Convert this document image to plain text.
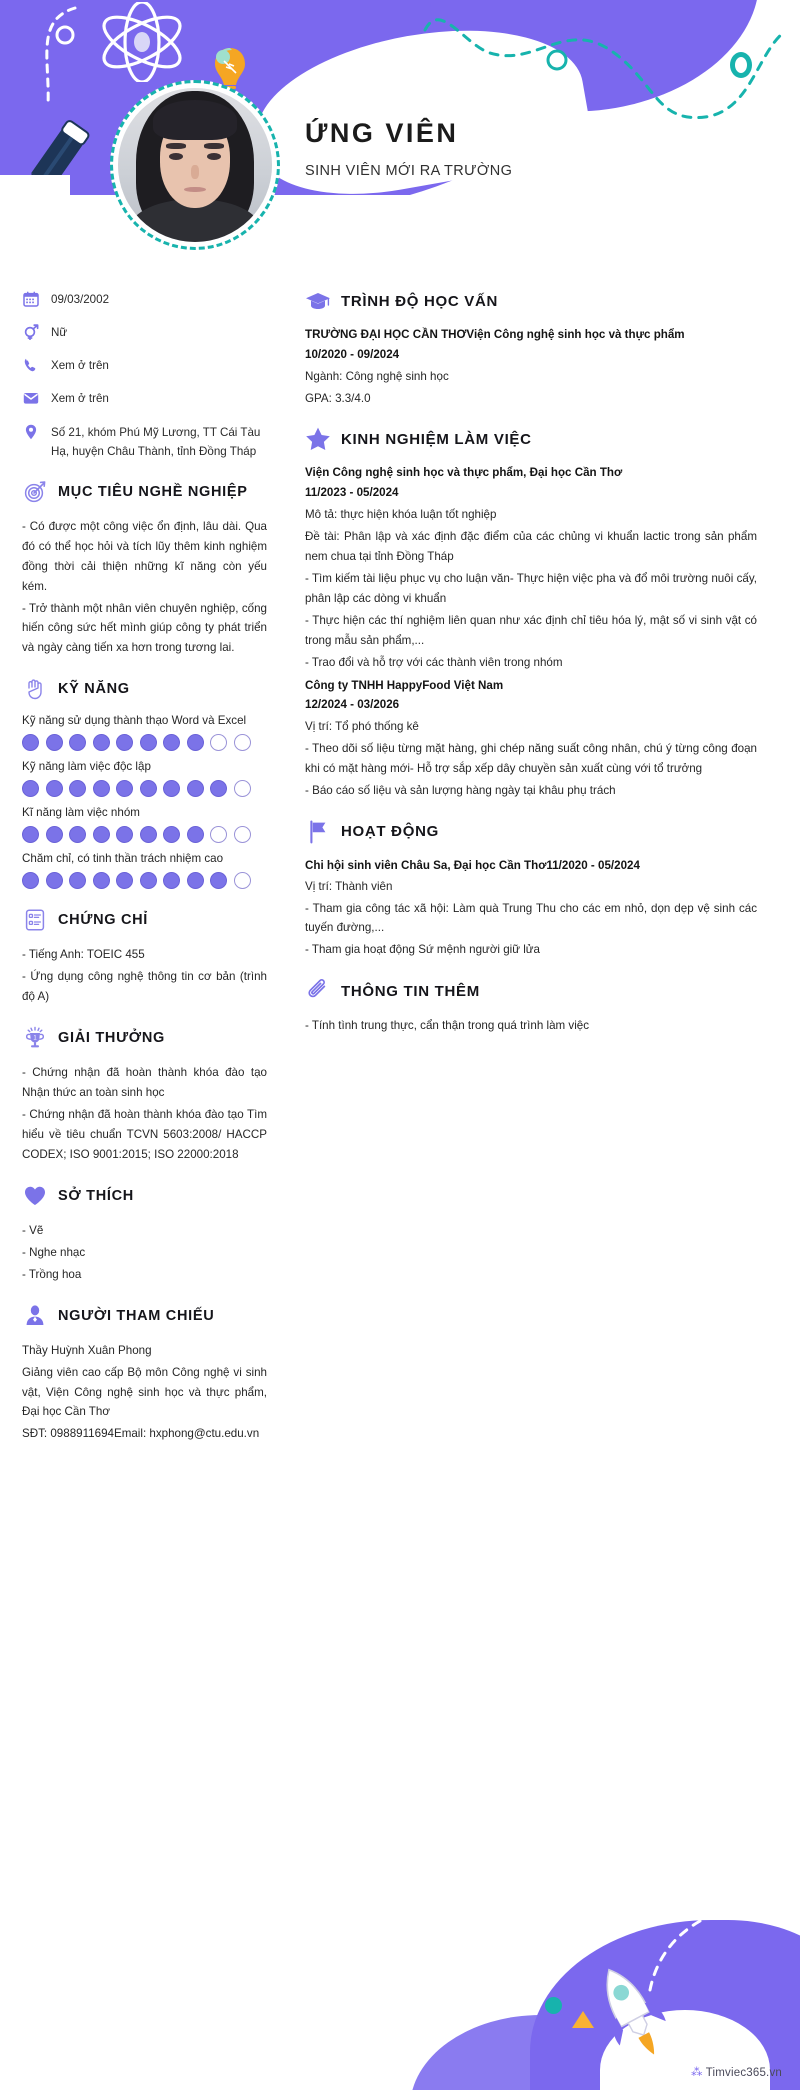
ỨNG VIÊN
SINH VIÊN MỚI RA TRƯỜNG
09/03/2002
Nữ
Xem ở trên
Xem ở trên
Số 21, khóm Phú Mỹ Lương, TT Cái Tàu Hạ, huyện Châu Thành, tỉnh Đồng Tháp
MỤC TIÊU NGHỀ NGHIỆP
- Có được một công việc ổn định, lâu dài. Qua đó có thể học hỏi và tích lũy thêm kinh nghiệm đồng thời cải thiện những kĩ năng còn yếu kém.
- Trở thành một nhân viên chuyên nghiệp, cống hiến công sức hết mình giúp công ty phát triển và ngày càng tiến xa hơn trong tương lai.
KỸ NĂNG
Kỹ năng sử dụng thành thạo Word và Excel
Kỹ năng làm việc độc lập
Kĩ năng làm việc nhóm
Chăm chỉ, có tinh thần trách nhiệm cao
CHỨNG CHỈ
- Tiếng Anh: TOEIC 455
- Ứng dụng công nghệ thông tin cơ bản (trình độ A)
1 GIẢI THƯỞNG
- Chứng nhận đã hoàn thành khóa đào tạo Nhận thức an toàn sinh học
- Chứng nhận đã hoàn thành khóa đào tạo Tìm hiểu về tiêu chuẩn TCVN 5603:2008/ HACCP CODEX; ISO 9001:2015; ISO 22000:2018
SỞ THÍCH
- Vẽ
- Nghe nhạc
- Trồng hoa
NGƯỜI THAM CHIẾU
Thầy Huỳnh Xuân Phong
Giảng viên cao cấp Bộ môn Công nghệ vi sinh vật, Viện Công nghệ sinh học và thực phẩm, Đại học Cần Thơ
SĐT: 0988911694Email: hxphong@ctu.edu.vn
TRÌNH ĐỘ HỌC VẤN
TRƯỜNG ĐẠI HỌC CẦN THƠViện Công nghệ sinh học và thực phẩm
10/2020 - 09/2024
Ngành: Công nghệ sinh học
GPA: 3.3/4.0
KINH NGHIỆM LÀM VIỆC
Viện Công nghệ sinh học và thực phẩm, Đại học Cần Thơ
11/2023 - 05/2024
Mô tả: thực hiện khóa luận tốt nghiệp
Đề tài: Phân lập và xác định đặc điểm của các chủng vi khuẩn lactic trong sản phẩm nem chua tại tỉnh Đồng Tháp
- Tìm kiếm tài liệu phục vụ cho luận văn- Thực hiện việc pha và đổ môi trường nuôi cấy, phân lập các dòng vi khuẩn
- Thực hiện các thí nghiệm liên quan như xác định chỉ tiêu hóa lý, mật số vi sinh vật có trong mẫu sản phẩm,...
- Trao đổi và hỗ trợ với các thành viên trong nhóm
Công ty TNHH HappyFood Việt Nam
12/2024 - 03/2026
Vị trí: Tổ phó thống kê
- Theo dõi số liệu từng mặt hàng, ghi chép năng suất công nhân, chú ý từng công đoạn khi có mặt hàng mới- Hỗ trợ sắp xếp dây chuyền sản xuất cùng với tổ trưởng
- Báo cáo số liệu và sản lượng hàng ngày tại khâu phụ trách
HOẠT ĐỘNG
Chi hội sinh viên Châu Sa, Đại học Cần Thơ11/2020 - 05/2024
Vị trí: Thành viên
- Tham gia công tác xã hội: Làm quà Trung Thu cho các em nhỏ, dọn dẹp vệ sinh các tuyến đường,...
- Tham gia hoạt động Sứ mệnh người giữ lửa
THÔNG TIN THÊM
- Tính tình trung thực, cẩn thận trong quá trình làm việc
⁂ Timviec365.vn
